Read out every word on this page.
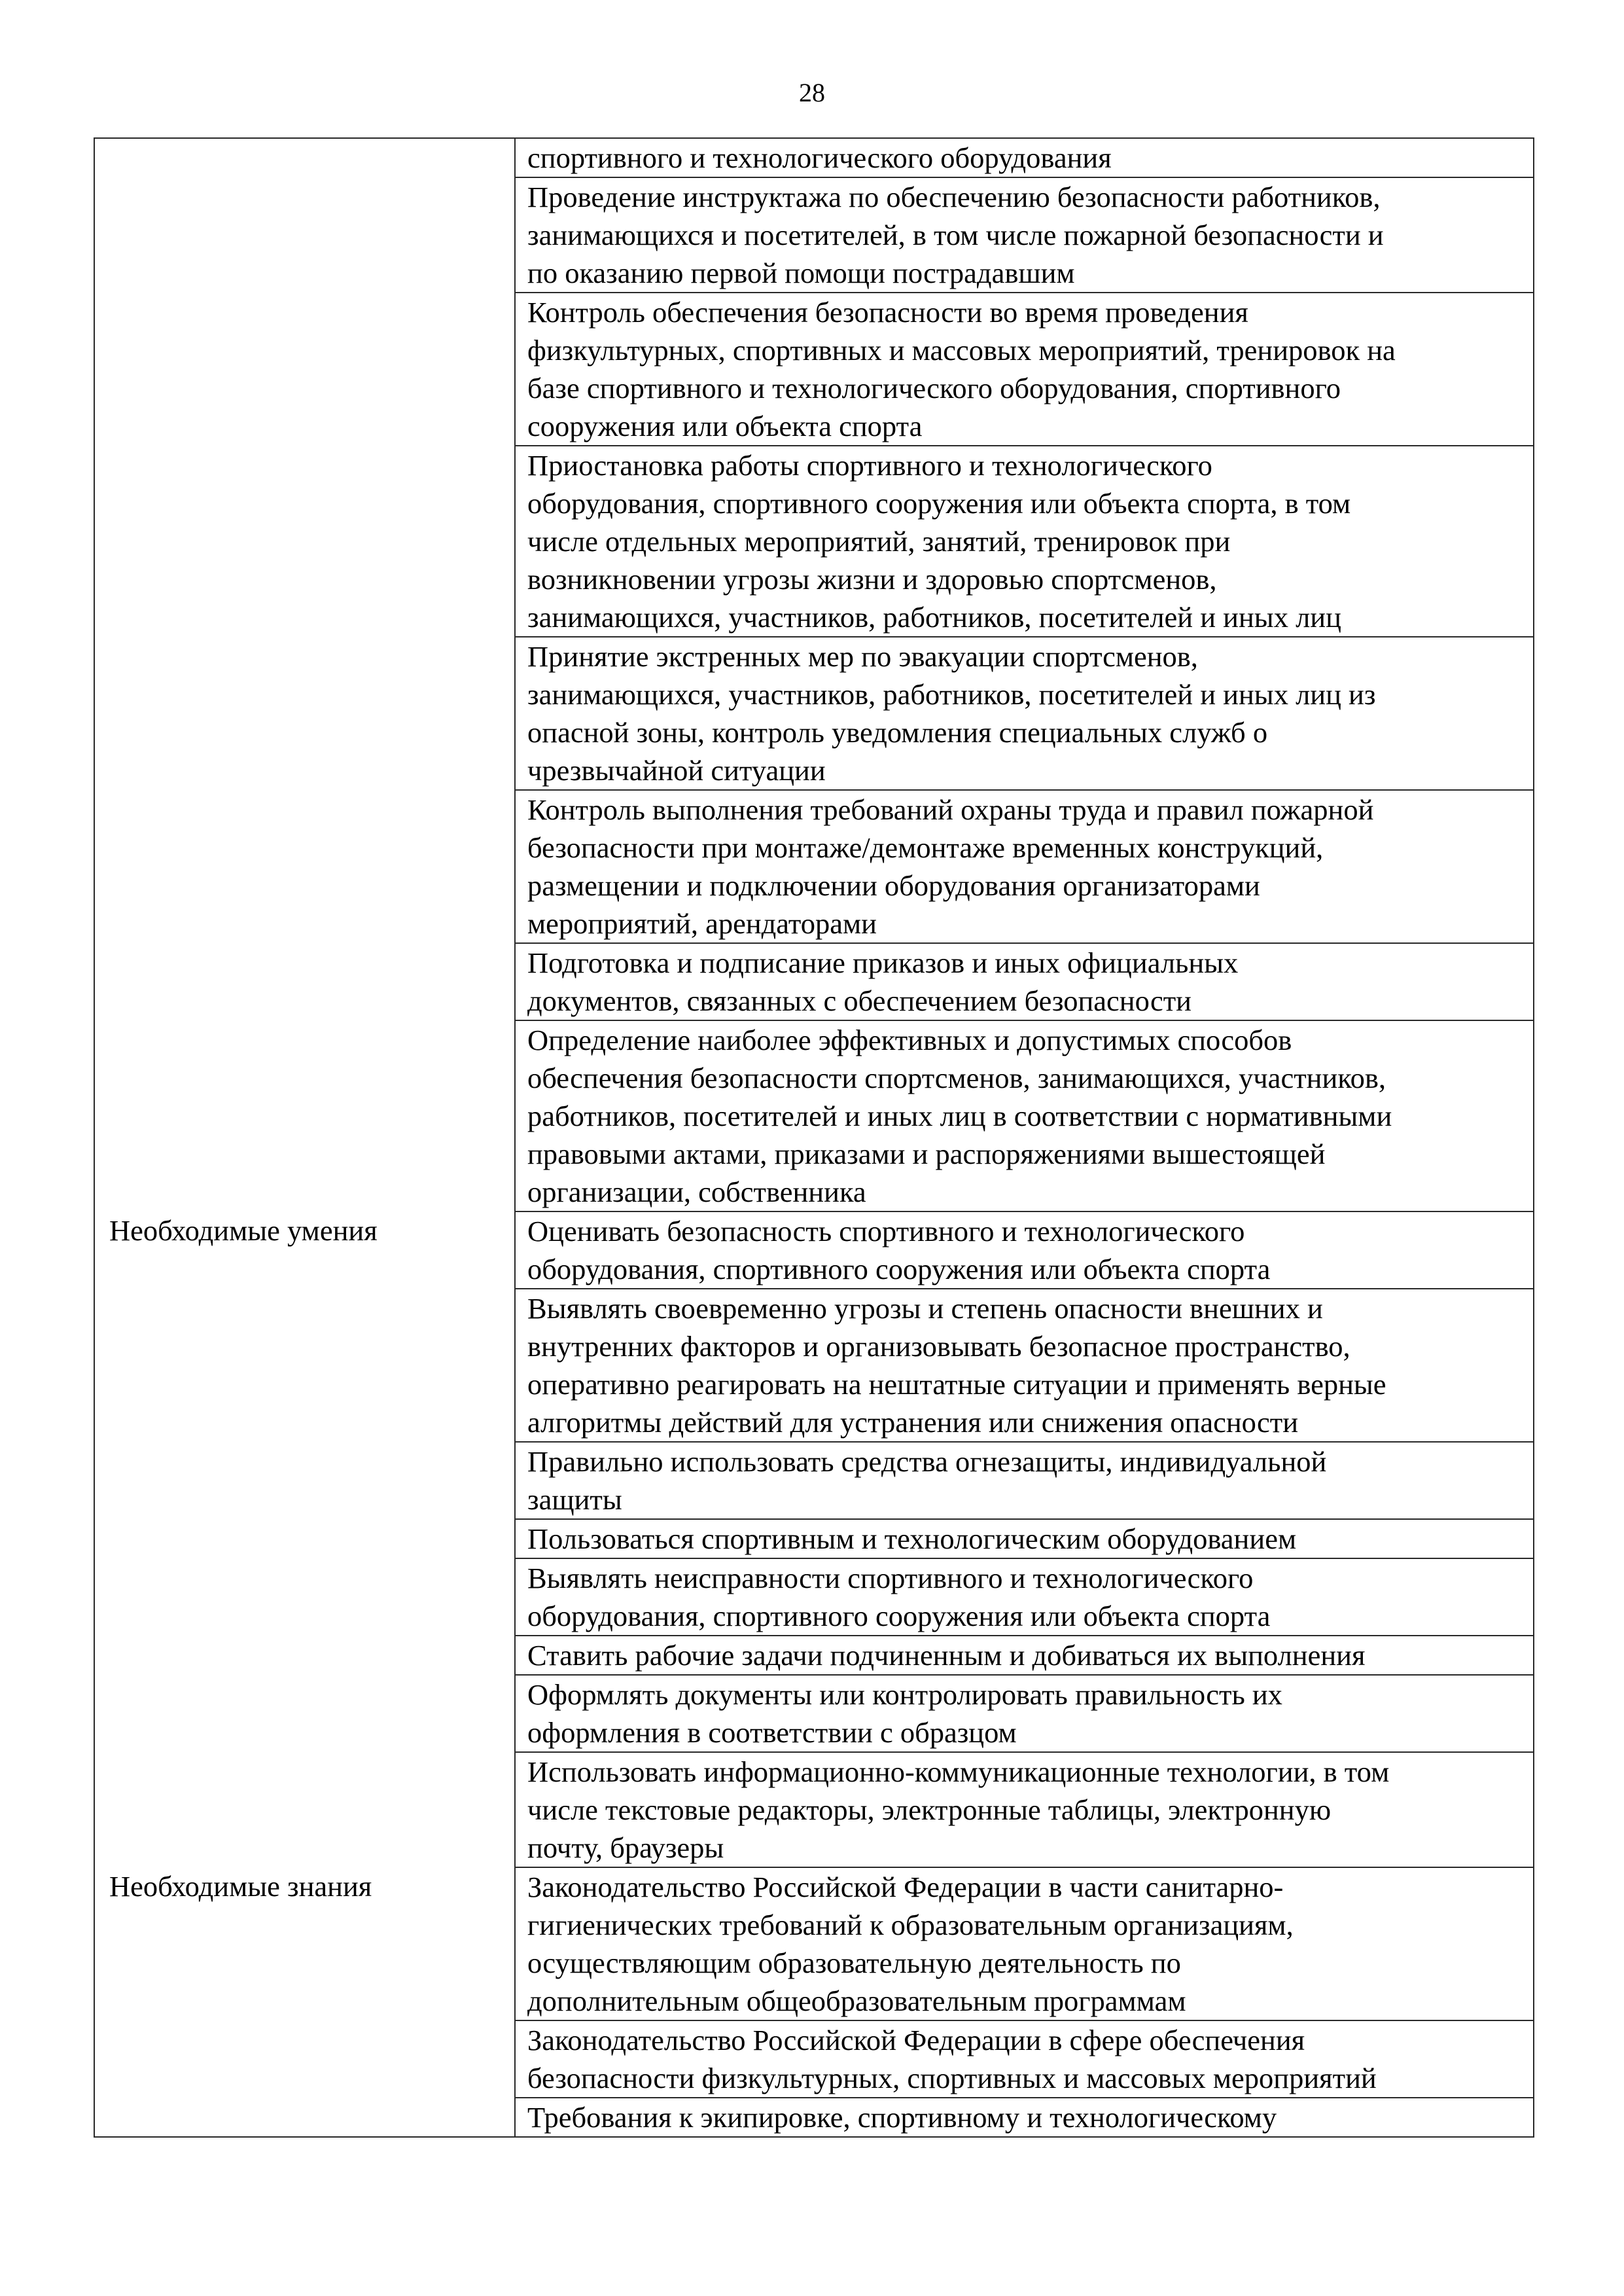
28
	спортивного и технологического оборудования
	Проведение инструктажа по обеспечению безопасности работников,
занимающихся и посетителей, в том числе пожарной безопасности и
по оказанию первой помощи пострадавшим
	Контроль обеспечения безопасности во время проведения
физкультурных, спортивных и массовых мероприятий, тренировок на
базе спортивного и технологического оборудования, спортивного
сооружения или объекта спорта
	Приостановка работы спортивного и технологического
оборудования, спортивного сооружения или объекта спорта, в том
числе отдельных мероприятий, занятий, тренировок при
возникновении угрозы жизни и здоровью спортсменов,
занимающихся, участников, работников, посетителей и иных лиц
	Принятие экстренных мер по эвакуации спортсменов,
занимающихся, участников, работников, посетителей и иных лиц из
опасной зоны, контроль уведомления специальных служб о
чрезвычайной ситуации
	Контроль выполнения требований охраны труда и правил пожарной
безопасности при монтаже/демонтаже временных конструкций,
размещении и подключении оборудования организаторами
мероприятий, арендаторами
	Подготовка и подписание приказов и иных официальных
документов, связанных с обеспечением безопасности
	Определение наиболее эффективных и допустимых способов
обеспечения безопасности спортсменов, занимающихся, участников,
работников, посетителей и иных лиц в соответствии с нормативными
правовыми актами, приказами и распоряжениями вышестоящей
организации, собственника
Необходимые умения	Оценивать безопасность спортивного и технологического
оборудования, спортивного сооружения или объекта спорта
	Выявлять своевременно угрозы и степень опасности внешних и
внутренних факторов и организовывать безопасное пространство,
оперативно реагировать на нештатные ситуации и применять верные
алгоритмы действий для устранения или снижения опасности
	Правильно использовать средства огнезащиты, индивидуальной
защиты
	Пользоваться спортивным и технологическим оборудованием
	Выявлять неисправности спортивного и технологического
оборудования, спортивного сооружения или объекта спорта
	Ставить рабочие задачи подчиненным и добиваться их выполнения
	Оформлять документы или контролировать правильность их
оформления в соответствии с образцом
	Использовать информационно-коммуникационные технологии, в том
числе текстовые редакторы, электронные таблицы, электронную
почту, браузеры
Необходимые знания	Законодательство Российской Федерации в части санитарно-
гигиенических требований к образовательным организациям,
осуществляющим образовательную деятельность по
дополнительным общеобразовательным программам
	Законодательство Российской Федерации в сфере обеспечения
безопасности физкультурных, спортивных и массовых мероприятий
	Требования к экипировке, спортивному и технологическому
